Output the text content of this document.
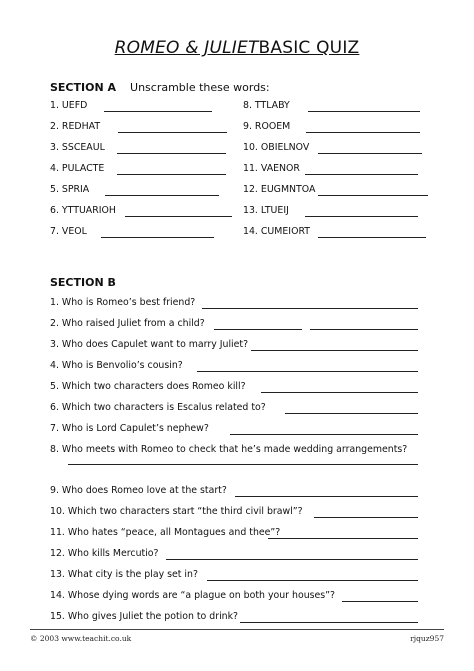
ROMEO & JULIETBASIC QUIZ
SECTION A Unscramble these words:
1. UEFD
2. REDHAT
3. SSCEAUL
4. PULACTE
5. SPRIA
6. YTTUARIOH
7. VEOL
8. TTLABY
9. ROOEM
10. OBIELNOV
11. VAENOR
12. EUGMNTOA
13. LTUEIJ
14. CUMEIORT
SECTION B
1. Who is Romeo’s best friend?
2. Who raised Juliet from a child?
3. Who does Capulet want to marry Juliet?
4. Who is Benvolio’s cousin?
5. Which two characters does Romeo kill?
6. Which two characters is Escalus related to?
7. Who is Lord Capulet’s nephew?
8. Who meets with Romeo to check that he’s made wedding arrangements?
9. Who does Romeo love at the start?
10. Which two characters start “the third civil brawl”?
11. Who hates “peace, all Montagues and thee”?
12. Who kills Mercutio?
13. What city is the play set in?
14. Whose dying words are “a plague on both your houses”?
15. Who gives Juliet the potion to drink?
© 2003 www.teachit.co.uk	rjquz957
